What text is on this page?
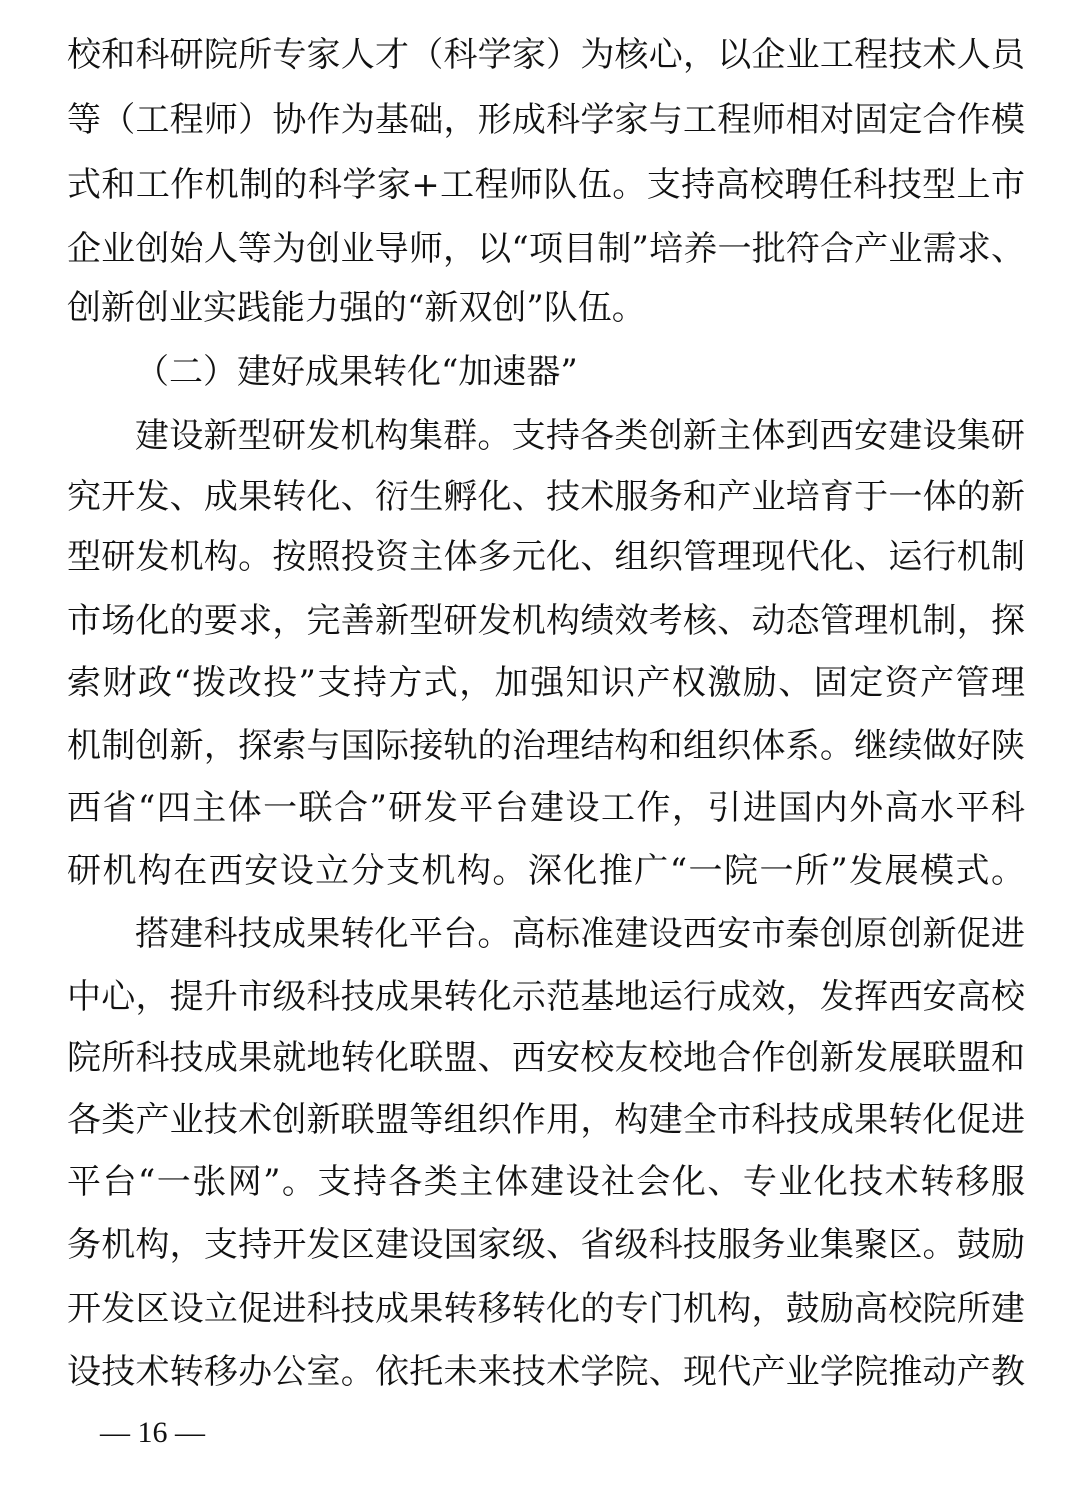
校和科研院所专家人才（科学家）为核心，以企业工程技术人员
等（工程师）协作为基础，形成科学家与工程师相对固定合作模
式和工作机制的科学家+工程师队伍。支持高校聘任科技型上市
企业创始人等为创业导师，以“项目制”培养一批符合产业需求、
创新创业实践能力强的“新双创”队伍。
（二）建好成果转化“加速器”
建设新型研发机构集群。支持各类创新主体到西安建设集研
究开发、成果转化、衍生孵化、技术服务和产业培育于一体的新
型研发机构。按照投资主体多元化、组织管理现代化、运行机制
市场化的要求，完善新型研发机构绩效考核、动态管理机制，探
索财政“拨改投”支持方式，加强知识产权激励、固定资产管理
机制创新，探索与国际接轨的治理结构和组织体系。继续做好陕
西省“四主体一联合”研发平台建设工作，引进国内外高水平科
研机构在西安设立分支机构。深化推广“一院一所”发展模式。
搭建科技成果转化平台。高标准建设西安市秦创原创新促进
中心，提升市级科技成果转化示范基地运行成效，发挥西安高校
院所科技成果就地转化联盟、西安校友校地合作创新发展联盟和
各类产业技术创新联盟等组织作用，构建全市科技成果转化促进
平台“一张网”。支持各类主体建设社会化、专业化技术转移服
务机构，支持开发区建设国家级、省级科技服务业集聚区。鼓励
开发区设立促进科技成果转移转化的专门机构，鼓励高校院所建
设技术转移办公室。依托未来技术学院、现代产业学院推动产教
— 16 —
